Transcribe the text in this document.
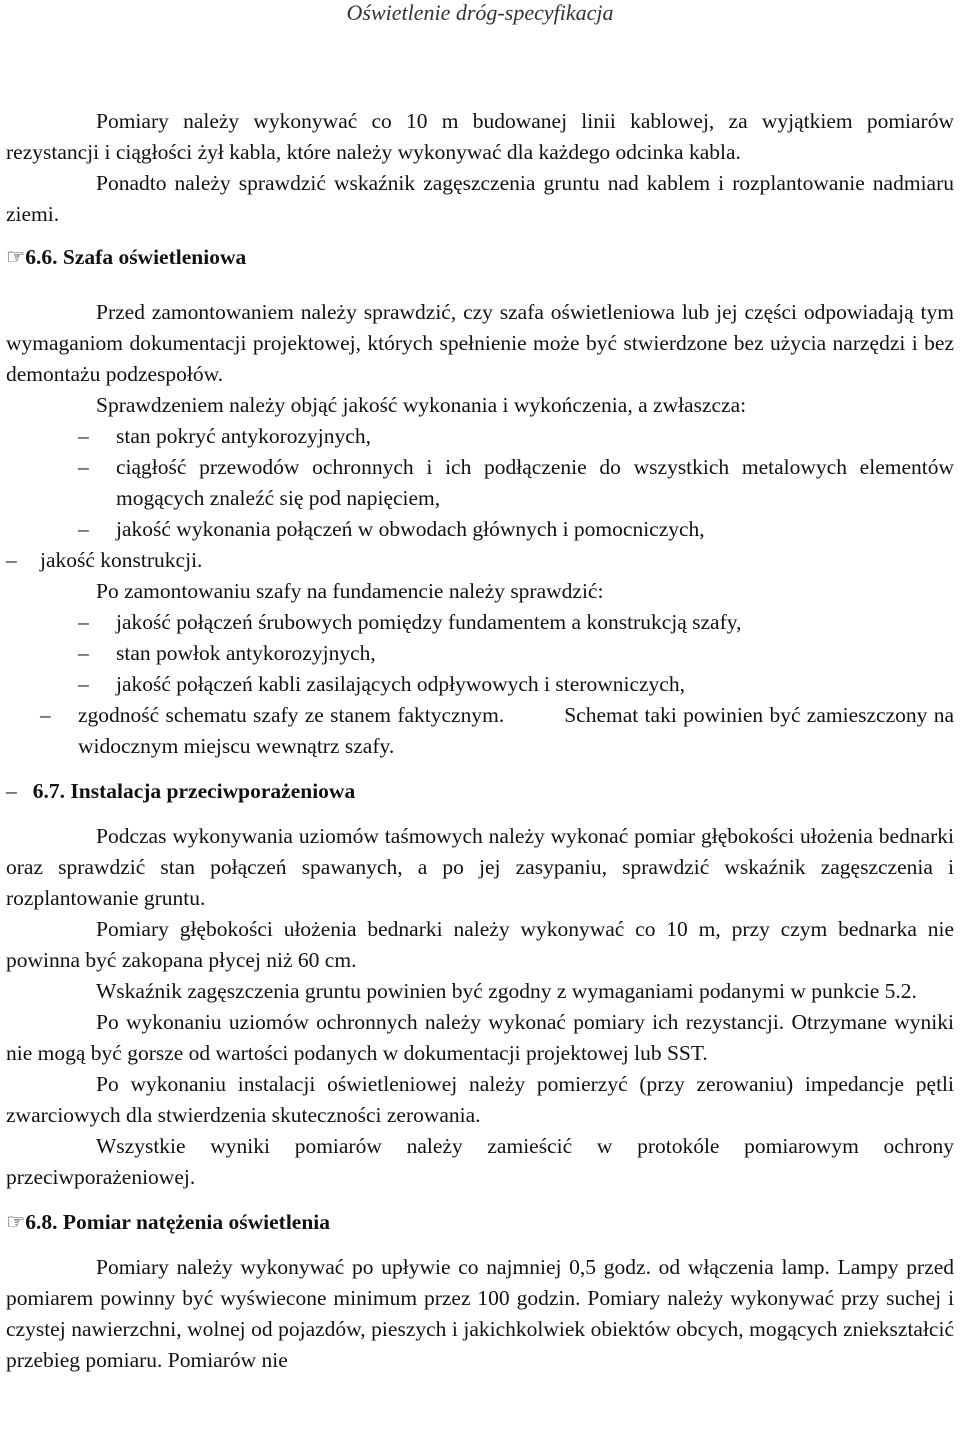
Oświetlenie dróg-specyfikacja

Pomiary należy wykonywać co 10 m budowanej linii kablowej, za wyjątkiem pomiarów rezystancji i ciągłości żył kabla, które należy wykonywać dla każdego odcinka kabla.

Ponadto należy sprawdzić wskaźnik zagęszczenia gruntu nad kablem i rozplantowanie nadmiaru ziemi.

☞6.6. Szafa oświetleniowa

Przed zamontowaniem należy sprawdzić, czy szafa oświetleniowa lub jej części odpowiadają tym wymaganiom dokumentacji projektowej, których spełnienie może być stwierdzone bez użycia narzędzi i bez demontażu podzespołów.

Sprawdzeniem należy objąć jakość wykonania i wykończenia, a zwłaszcza:

– stan pokryć antykorozyjnych,
– ciągłość przewodów ochronnych i ich podłączenie do wszystkich metalowych elementów mogących znaleźć się pod napięciem,
– jakość wykonania połączeń w obwodach głównych i pomocniczych,
– jakość konstrukcji.

Po zamontowaniu szafy na fundamencie należy sprawdzić:

– jakość połączeń śrubowych pomiędzy fundamentem a konstrukcją szafy,
– stan powłok antykorozyjnych,
– jakość połączeń kabli zasilających odpływowych i sterowniczych,
– zgodność schematu szafy ze stanem faktycznym.	Schemat taki powinien być zamieszczony na widocznym miejscu wewnątrz szafy.
– 6.7. Instalacja przeciwporażeniowa

Podczas wykonywania uziomów taśmowych należy wykonać pomiar głębokości ułożenia bednarki oraz sprawdzić stan połączeń spawanych, a po jej zasypaniu, sprawdzić wskaźnik zagęszczenia i rozplantowanie gruntu.

Pomiary głębokości ułożenia bednarki należy wykonywać co 10 m, przy czym bednarka nie powinna być zakopana płycej niż 60 cm.

Wskaźnik zagęszczenia gruntu powinien być zgodny z wymaganiami podanymi w punkcie 5.2.

Po wykonaniu uziomów ochronnych należy wykonać pomiary ich rezystancji. Otrzymane wyniki nie mogą być gorsze od wartości podanych w dokumentacji projektowej lub SST.

Po wykonaniu instalacji oświetleniowej należy pomierzyć (przy zerowaniu) impedancje pętli zwarciowych dla stwierdzenia skuteczności zerowania.

Wszystkie wyniki pomiarów należy zamieścić w protokóle pomiarowym ochrony przeciwporażeniowej.

☞6.8. Pomiar natężenia oświetlenia

Pomiary należy wykonywać po upływie co najmniej 0,5 godz. od włączenia lamp. Lampy przed pomiarem powinny być wyświecone minimum przez 100 godzin. Pomiary należy wykonywać przy suchej i czystej nawierzchni, wolnej od pojazdów, pieszych i jakichkolwiek obiektów obcych, mogących zniekształcić przebieg pomiaru. Pomiarów nie
